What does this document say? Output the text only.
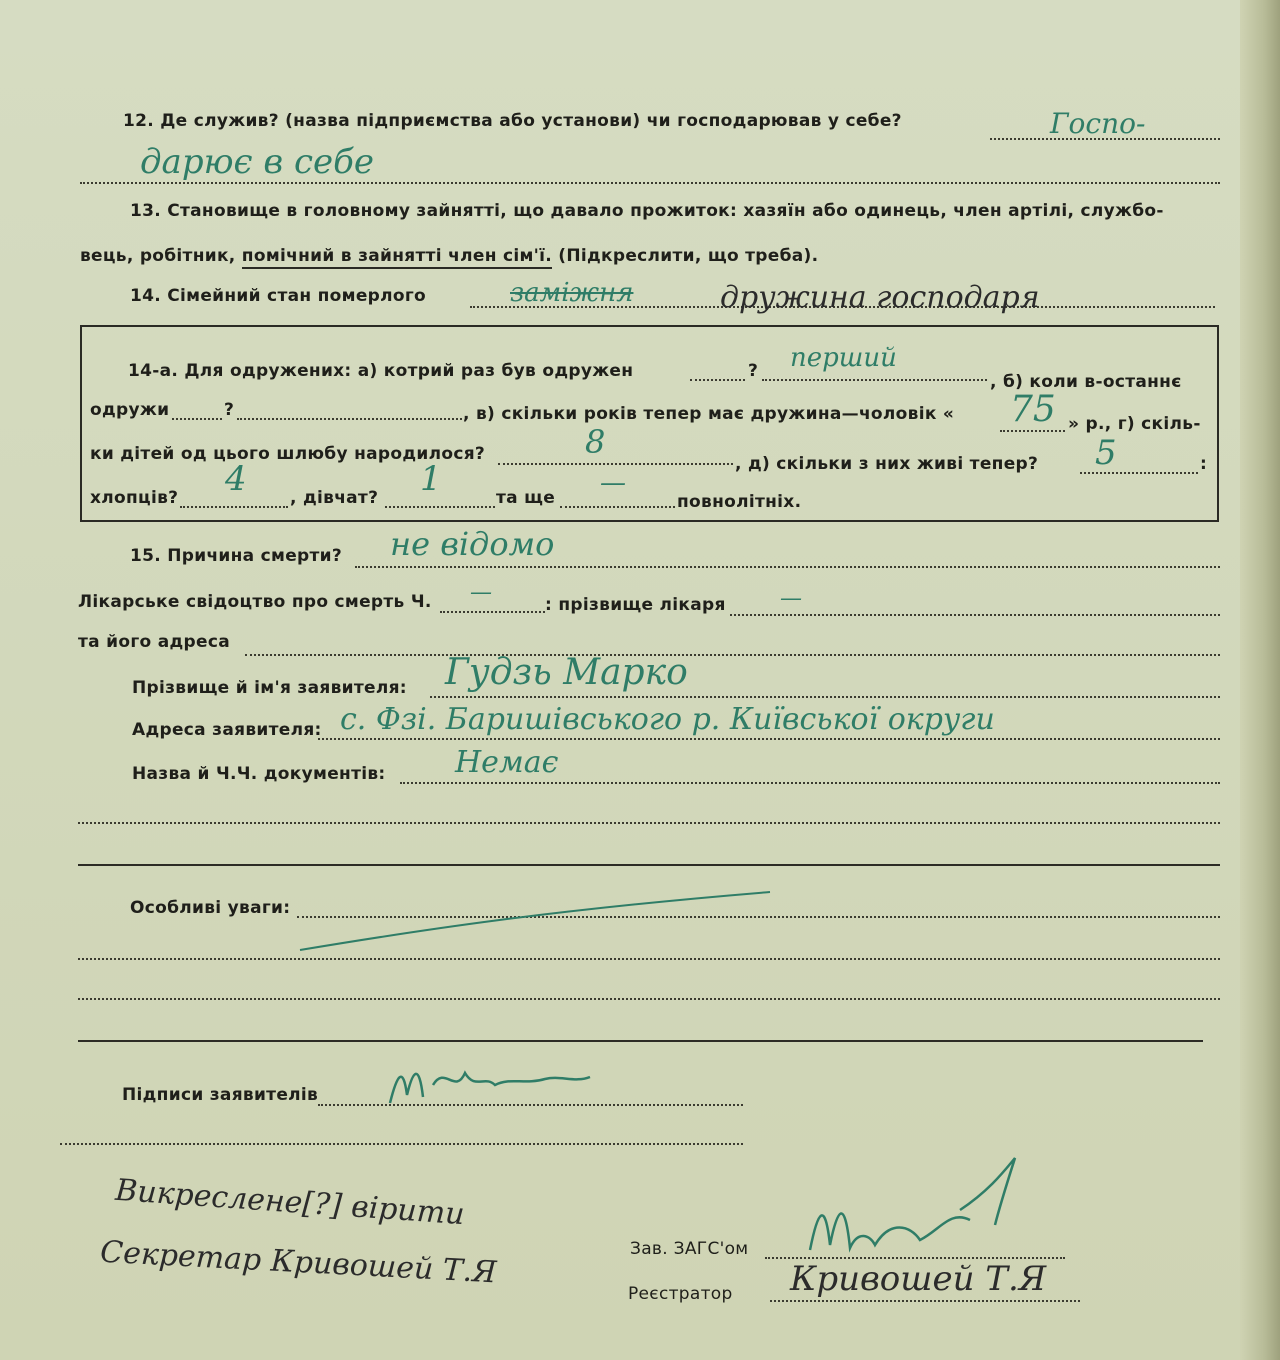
12. Де служив? (назва підприємства або установи) чи господарював у себе?	Госпо-
дарює в себе
13. Становище в головному зайнятті, що давало прожиток: хазяїн або одинець, член артілі, службо-
вець, робітник, помічний в зайнятті член сім'ї. (Підкреслити, що треба).
14. Сімейний стан померлого	заміжня	дружина господаря
14-а. Для одружених: а) котрий раз був одружен	? перший
, б) коли в-останнє
одружи	?	, в) скільки років тепер має дружина—чоловік « 75 » р., г) скіль-
ки дітей од цього шлюбу народилося?	8
, д) скільки з них живі тепер? 5	:
хлопців? 4	, дівчат? 1	та ще —
повнолітніх.
15. Причина смерти? не відомо
Лікарське свідоцтво про смерть Ч. —	: прізвище лікаря —
та його адреса
Прізвище й ім'я заявителя: Гудзь Марко
Адреса заявителя: с. Фзі. Баришівського р. Київської округи
Назва й Ч.Ч. документів: Немає
Особливі уваги:
Підписи заявителів
Викреслене[?] вірити
Секретар Кривошей Т.Я	Зав. ЗАГС'ом
Реєстратор Кривошей Т.Я
